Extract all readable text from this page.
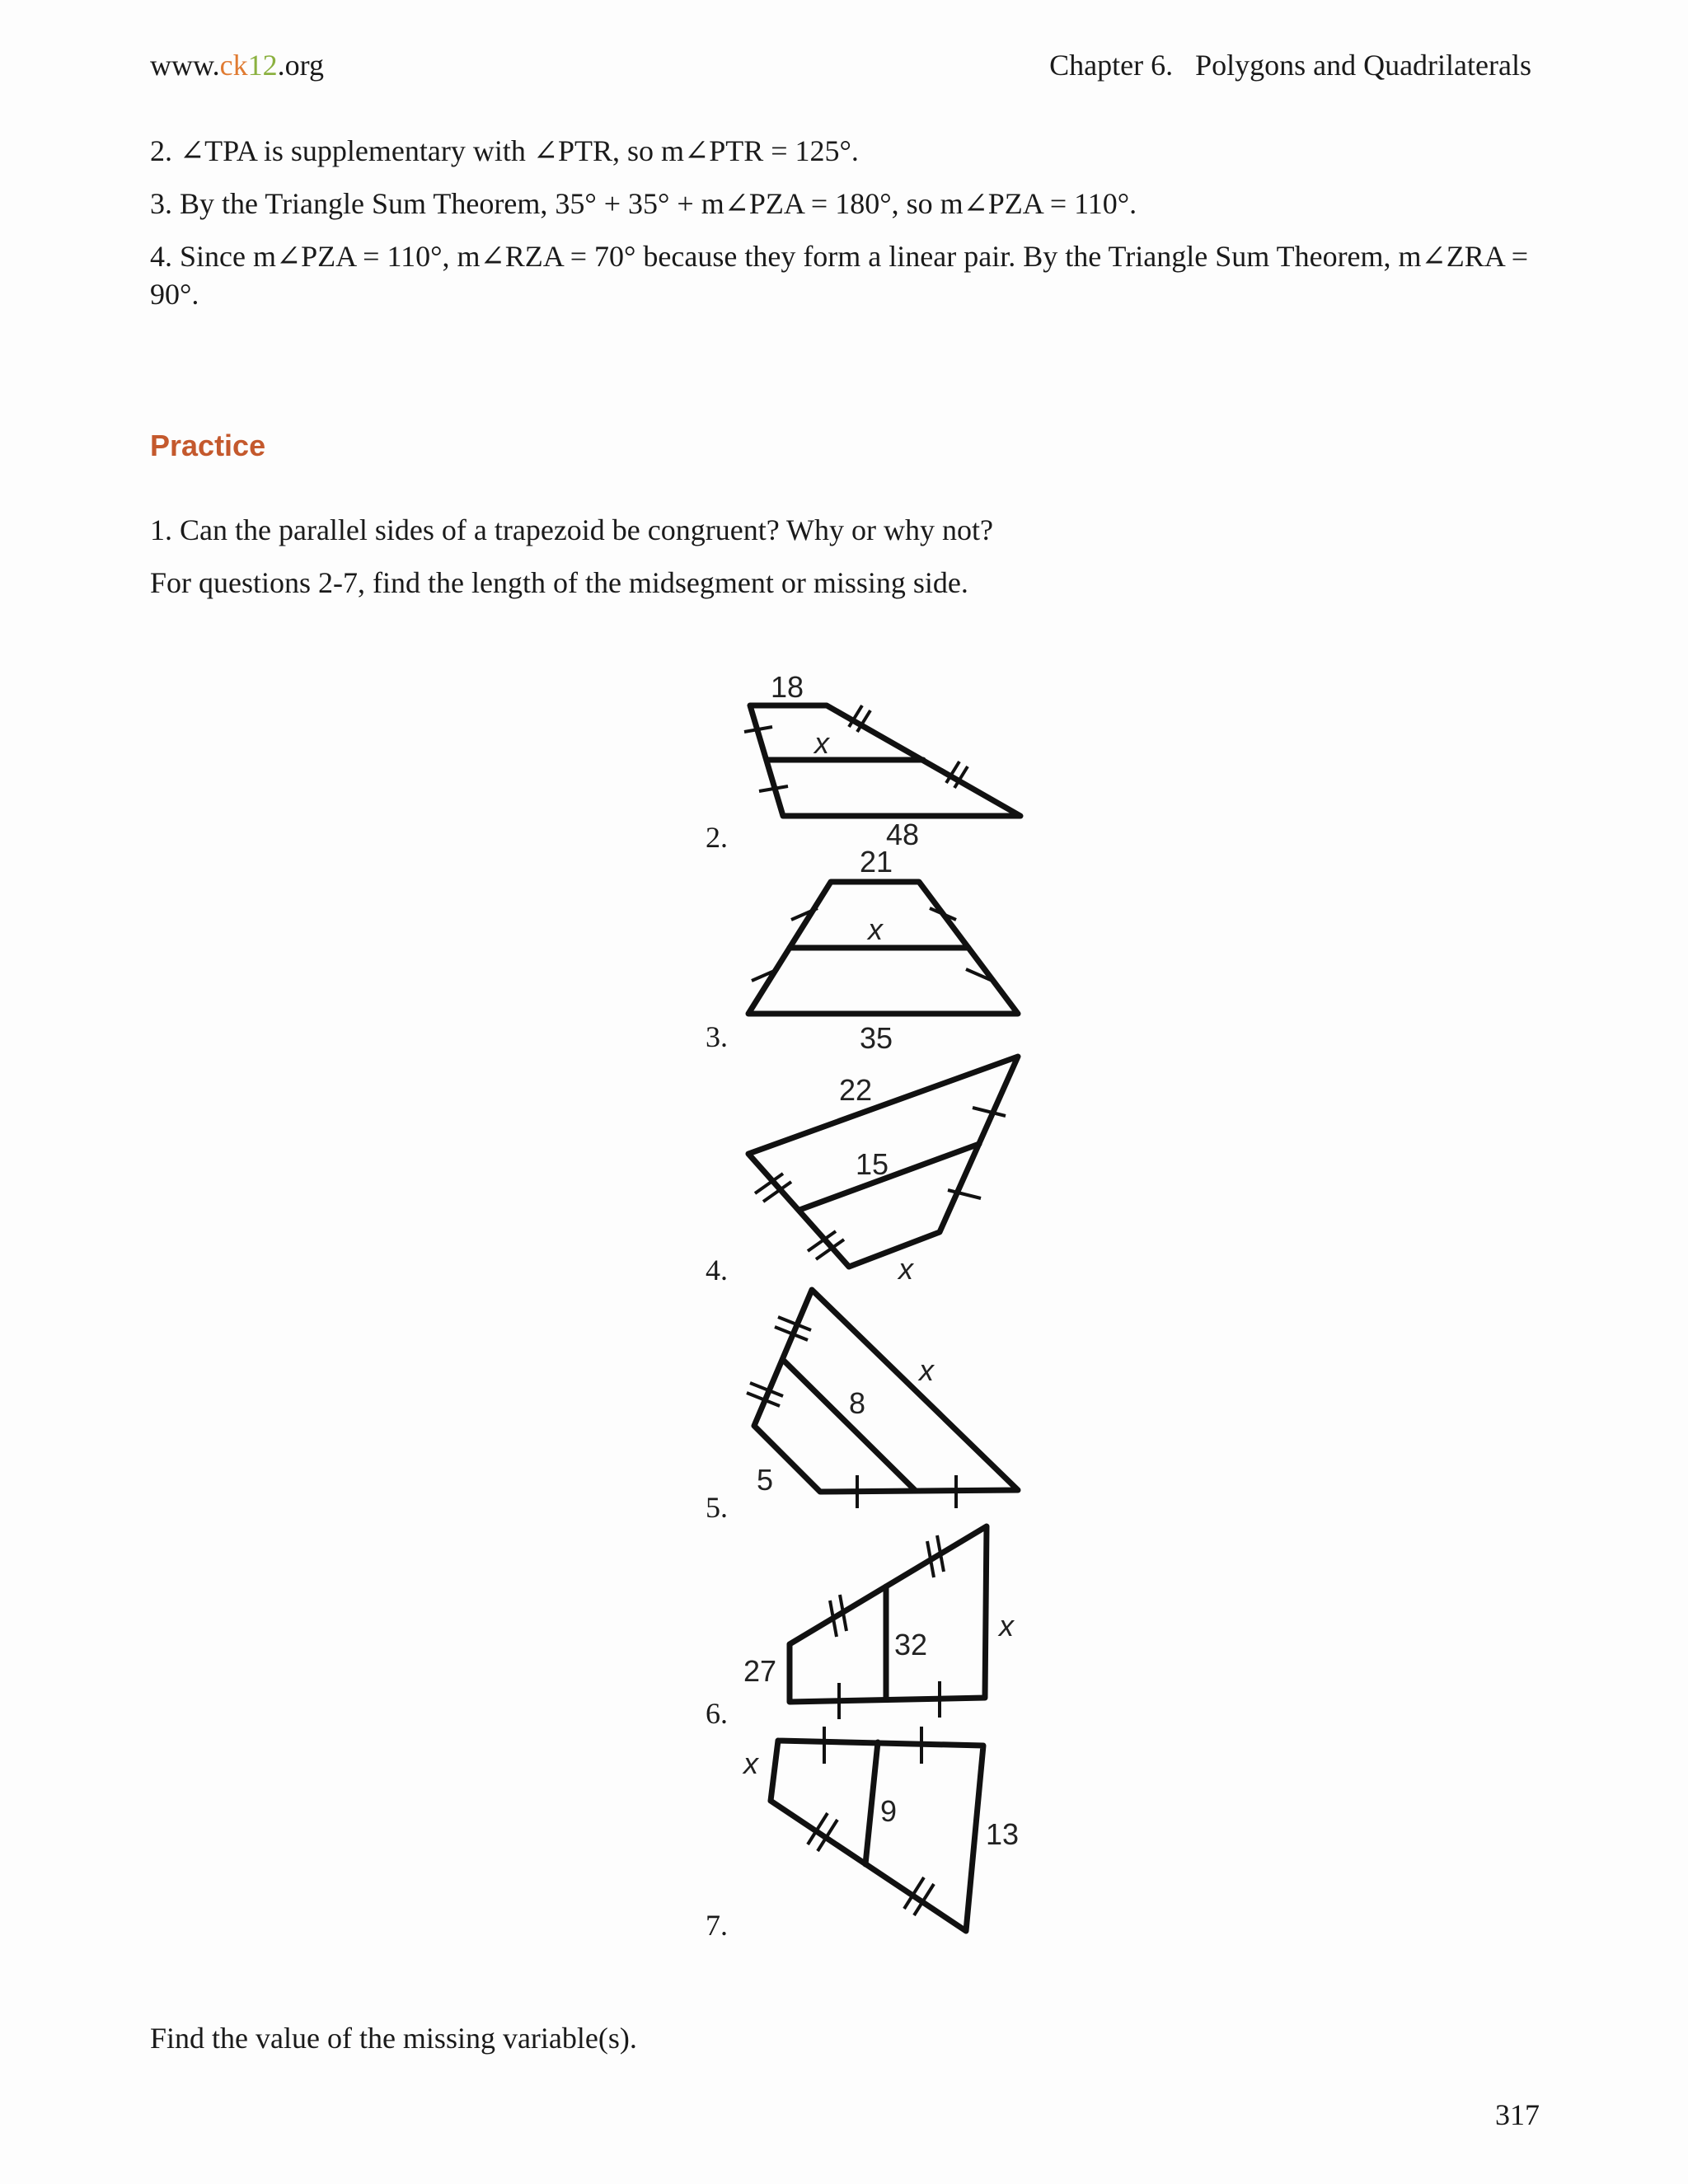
www.ck12.org	Chapter 6.   Polygons and Quadrilaterals
2. ∠TPA is supplementary with ∠PTR, so m∠PTR = 125°.
3. By the Triangle Sum Theorem, 35° + 35° + m∠PZA = 180°, so m∠PZA = 110°.
4. Since m∠PZA = 110°, m∠RZA = 70° because they form a linear pair. By the Triangle Sum Theorem, m∠ZRA =
90°.
Practice
1. Can the parallel sides of a trapezoid be congruent? Why or why not?
For questions 2-7, find the length of the midsegment or missing side.
2.
3.
4.
5.
6.
7.
18
x
48
21
x
35
22
15
x
5
8
x
27
32
x
x
9
13
Find the value of the missing variable(s).
317
